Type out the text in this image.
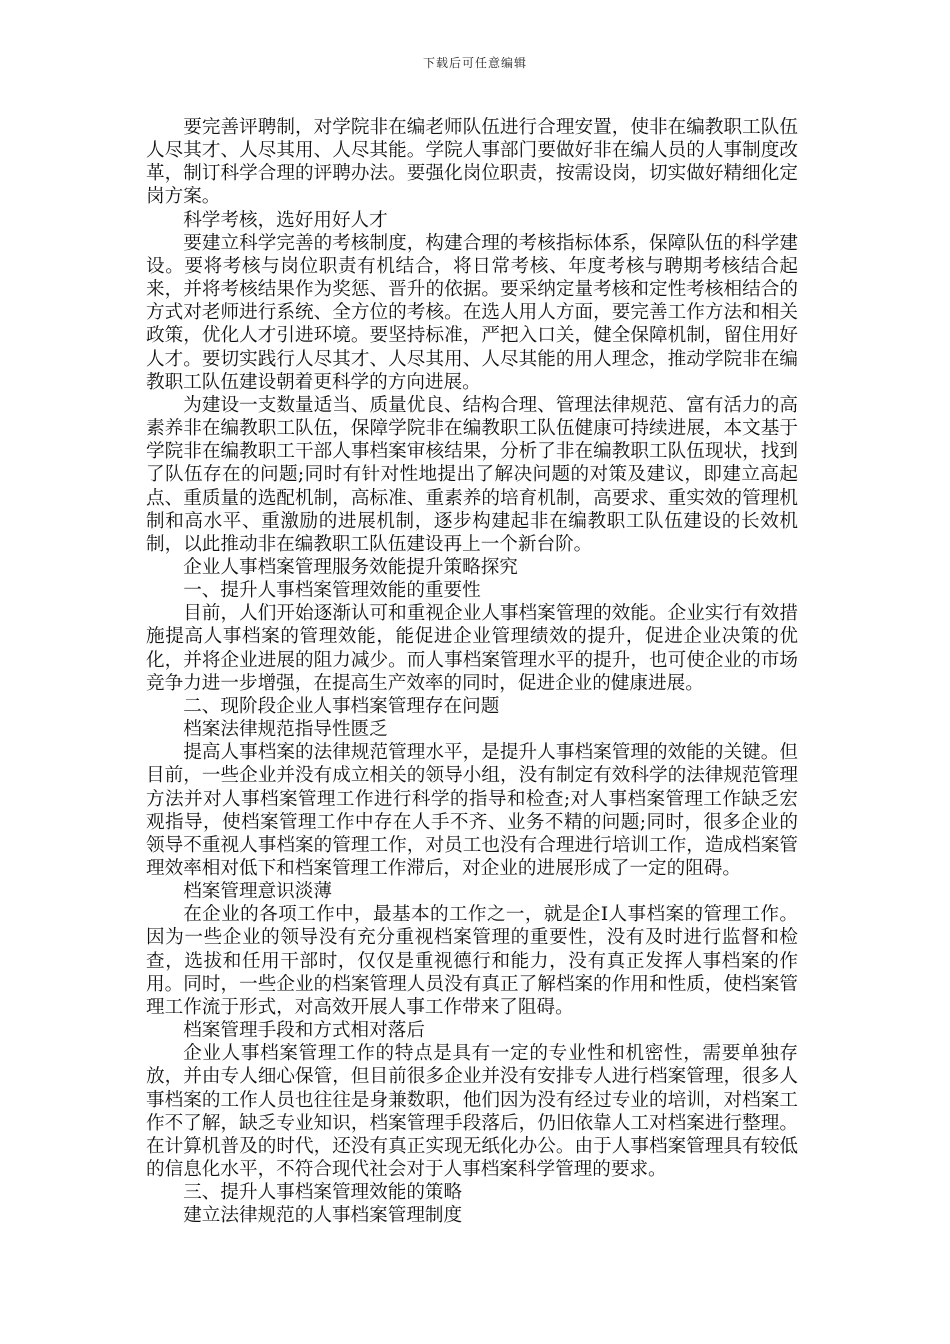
下载后可任意编辑

要完善评聘制，对学院非在编老师队伍进行合理安置，使非在编教职工队伍人尽其才、人尽其用、人尽其能。学院人事部门要做好非在编人员的人事制度改革，制订科学合理的评聘办法。要强化岗位职责，按需设岗，切实做好精细化定岗方案。

科学考核，选好用好人才

要建立科学完善的考核制度，构建合理的考核指标体系，保障队伍的科学建设。要将考核与岗位职责有机结合，将日常考核、年度考核与聘期考核结合起来，并将考核结果作为奖惩、晋升的依据。要采纳定量考核和定性考核相结合的方式对老师进行系统、全方位的考核。在选人用人方面，要完善工作方法和相关政策，优化人才引进环境。要坚持标准，严把入口关，健全保障机制，留住用好人才。要切实践行人尽其才、人尽其用、人尽其能的用人理念，推动学院非在编教职工队伍建设朝着更科学的方向进展。

为建设一支数量适当、质量优良、结构合理、管理法律规范、富有活力的高素养非在编教职工队伍，保障学院非在编教职工队伍健康可持续进展，本文基于学院非在编教职工干部人事档案审核结果，分析了非在编教职工队伍现状，找到了队伍存在的问题;同时有针对性地提出了解决问题的对策及建议，即建立高起点、重质量的选配机制，高标准、重素养的培育机制，高要求、重实效的管理机制和高水平、重激励的进展机制，逐步构建起非在编教职工队伍建设的长效机制，以此推动非在编教职工队伍建设再上一个新台阶。

企业人事档案管理服务效能提升策略探究

一、提升人事档案管理效能的重要性

目前，人们开始逐渐认可和重视企业人事档案管理的效能。企业实行有效措施提高人事档案的管理效能，能促进企业管理绩效的提升，促进企业决策的优化，并将企业进展的阻力减少。而人事档案管理水平的提升，也可使企业的市场竞争力进一步增强，在提高生产效率的同时，促进企业的健康进展。

二、现阶段企业人事档案管理存在问题

档案法律规范指导性匮乏

提高人事档案的法律规范管理水平，是提升人事档案管理的效能的关键。但目前，一些企业并没有成立相关的领导小组，没有制定有效科学的法律规范管理方法并对人事档案管理工作进行科学的指导和检查;对人事档案管理工作缺乏宏观指导，使档案管理工作中存在人手不齐、业务不精的问题;同时，很多企业的领导不重视人事档案的管理工作，对员工也没有合理进行培训工作，造成档案管理效率相对低下和档案管理工作滞后，对企业的进展形成了一定的阻碍。

档案管理意识淡薄

在企业的各项工作中，最基本的工作之一，就是企I人事档案的管理工作。因为一些企业的领导没有充分重视档案管理的重要性，没有及时进行监督和检查，选拔和任用干部时，仅仅是重视德行和能力，没有真正发挥人事档案的作用。同时，一些企业的档案管理人员没有真正了解档案的作用和性质，使档案管理工作流于形式，对高效开展人事工作带来了阻碍。

档案管理手段和方式相对落后

企业人事档案管理工作的特点是具有一定的专业性和机密性，需要单独存放，并由专人细心保管，但目前很多企业并没有安排专人进行档案管理，很多人事档案的工作人员也往往是身兼数职，他们因为没有经过专业的培训，对档案工作不了解，缺乏专业知识，档案管理手段落后，仍旧依靠人工对档案进行整理。在计算机普及的时代，还没有真正实现无纸化办公。由于人事档案管理具有较低的信息化水平，不符合现代社会对于人事档案科学管理的要求。

三、提升人事档案管理效能的策略

建立法律规范的人事档案管理制度
